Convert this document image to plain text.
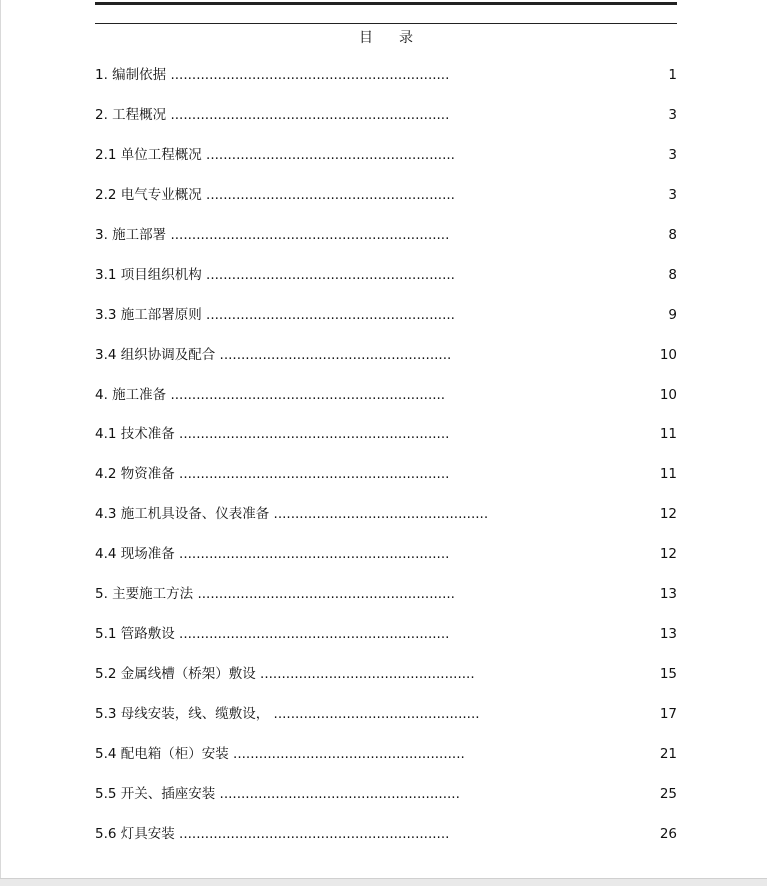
目录
1. 编制依据 .................................................................	1
2. 工程概况 .................................................................	3
2.1 单位工程概况 ..........................................................	3
2.2 电气专业概况 ..........................................................	3
3. 施工部署 .................................................................	8
3.1 项目组织机构 ..........................................................	8
3.3 施工部署原则 ..........................................................	9
3.4 组织协调及配合 ......................................................	10
4. 施工准备 ................................................................	10
4.1 技术准备 ...............................................................	11
4.2 物资准备 ...............................................................	11
4.3 施工机具设备、仪表准备 ..................................................	12
4.4 现场准备 ...............................................................	12
5. 主要施工方法 ............................................................	13
5.1 管路敷设 ...............................................................	13
5.2 金属线槽（桥架）敷设 ..................................................	15
5.3 母线安装，线、缆敷设， ................................................	17
5.4 配电箱（柜）安装 ......................................................	21
5.5 开关、插座安装 ........................................................	25
5.6 灯具安装 ...............................................................	26
